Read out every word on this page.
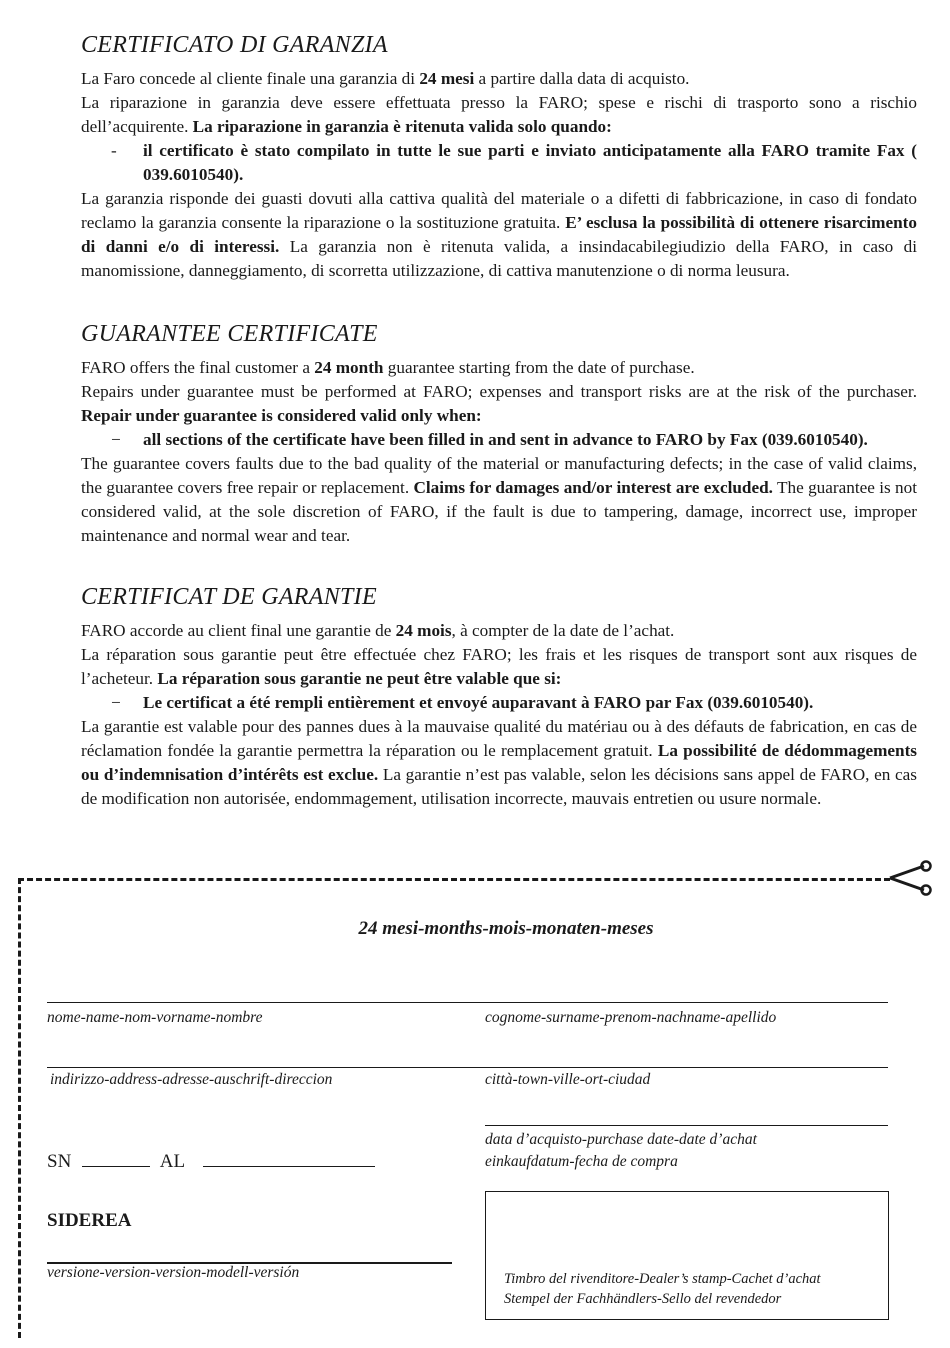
CERTIFICATO DI GARANZIA

La Faro concede al cliente finale una garanzia di 24 mesi a partire dalla data di acquisto.

La riparazione in garanzia deve essere effettuata presso la FARO; spese e rischi di trasporto sono a rischio dell’acquirente. La riparazione in garanzia è ritenuta valida solo quando:

-	il certificato è stato compilato in tutte le sue parti e inviato anticipatamente alla FARO tramite Fax ( 039.6010540).

La garanzia risponde dei guasti dovuti alla cattiva qualità del materiale o a difetti di fabbricazione, in caso di fondato reclamo la garanzia consente la riparazione o la sostituzione gratuita. E’ esclusa la possibilità di ottenere risarcimento di danni e/o di interessi. La garanzia non è ritenuta valida, a insindacabilegiudizio della FARO, in caso di manomissione, danneggiamento, di scorretta utilizzazione, di cattiva manutenzione o di norma leusura.

GUARANTEE CERTIFICATE

FARO offers the final customer a 24 month guarantee starting from the date of purchase.

Repairs under guarantee must be performed at FARO; expenses and transport risks are at the risk of the purchaser. Repair under guarantee is considered valid only when:

−	all sections of the certificate have been filled in and sent in advance to FARO by Fax (039.6010540).

The guarantee covers faults due to the bad quality of the material or manufacturing defects; in the case of valid claims, the guarantee covers free repair or replacement. Claims for damages and/or interest are excluded. The guarantee is not considered valid, at the sole discretion of FARO, if the fault is due to tampering, damage, incorrect use, improper maintenance and normal wear and tear.

CERTIFICAT DE GARANTIE

FARO accorde au client final une garantie de 24 mois, à compter de la date de l’achat.

La réparation sous garantie peut être effectuée chez FARO; les frais et les risques de transport sont aux risques de l’acheteur. La réparation sous garantie ne peut être valable que si:

−	Le certificat a été rempli entièrement et envoyé auparavant à FARO par Fax (039.6010540).

La garantie est valable pour des pannes dues à la mauvaise qualité du matériau ou à des défauts de fabrication, en cas de réclamation fondée la garantie permettra la réparation ou le remplacement gratuit. La possibilité de dédommagements ou d’indemnisation d’intérêts est exclue. La garantie n’est pas valable, selon les décisions sans appel de FARO, en cas de modification non autorisée, endommagement, utilisation incorrecte, mauvais entretien ou usure normale.

24 mesi-months-mois-monaten-meses
nome-name-nom-vorname-nombre	cognome-surname-prenom-nachname-apellido
indirizzo-address-adresse-auschrift-direccion	città-town-ville-ort-ciudad
data d’acquisto-purchase date-date d’achat
einkaufdatum-fecha de compra
SN	AL
SIDEREA
versione-version-version-modell-versión	Timbro del rivenditore-Dealer’s stamp-Cachet d’achat
Stempel der Fachhändlers-Sello del revendedor
